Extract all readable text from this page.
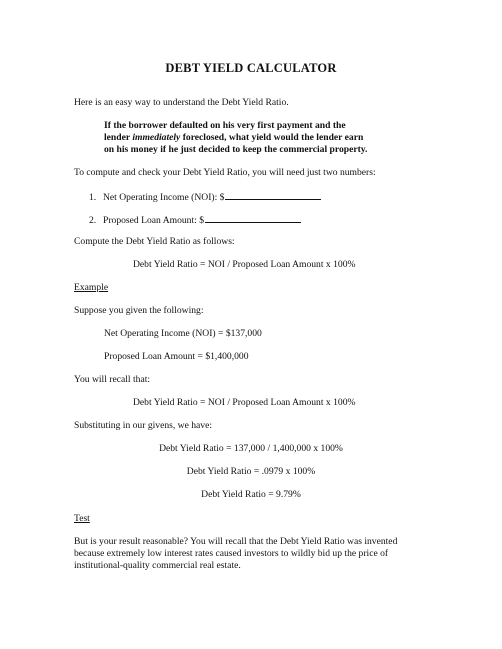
DEBT YIELD CALCULATOR
Here is an easy way to understand the Debt Yield Ratio.
If the borrower defaulted on his very first payment and the
lender immediately foreclosed, what yield would the lender earn
on his money if he just decided to keep the commercial property.
To compute and check your Debt Yield Ratio, you will need just two numbers:
1. Net Operating Income (NOI): $
2. Proposed Loan Amount: $
Compute the Debt Yield Ratio as follows:
Debt Yield Ratio = NOI / Proposed Loan Amount x 100%
Example
Suppose you given the following:
Net Operating Income (NOI) = $137,000
Proposed Loan Amount = $1,400,000
You will recall that:
Debt Yield Ratio = NOI / Proposed Loan Amount x 100%
Substituting in our givens, we have:
Debt Yield Ratio = 137,000 / 1,400,000 x 100%
Debt Yield Ratio = .0979 x 100%
Debt Yield Ratio = 9.79%
Test
But is your result reasonable? You will recall that the Debt Yield Ratio was invented
because extremely low interest rates caused investors to wildly bid up the price of
institutional-quality commercial real estate.
